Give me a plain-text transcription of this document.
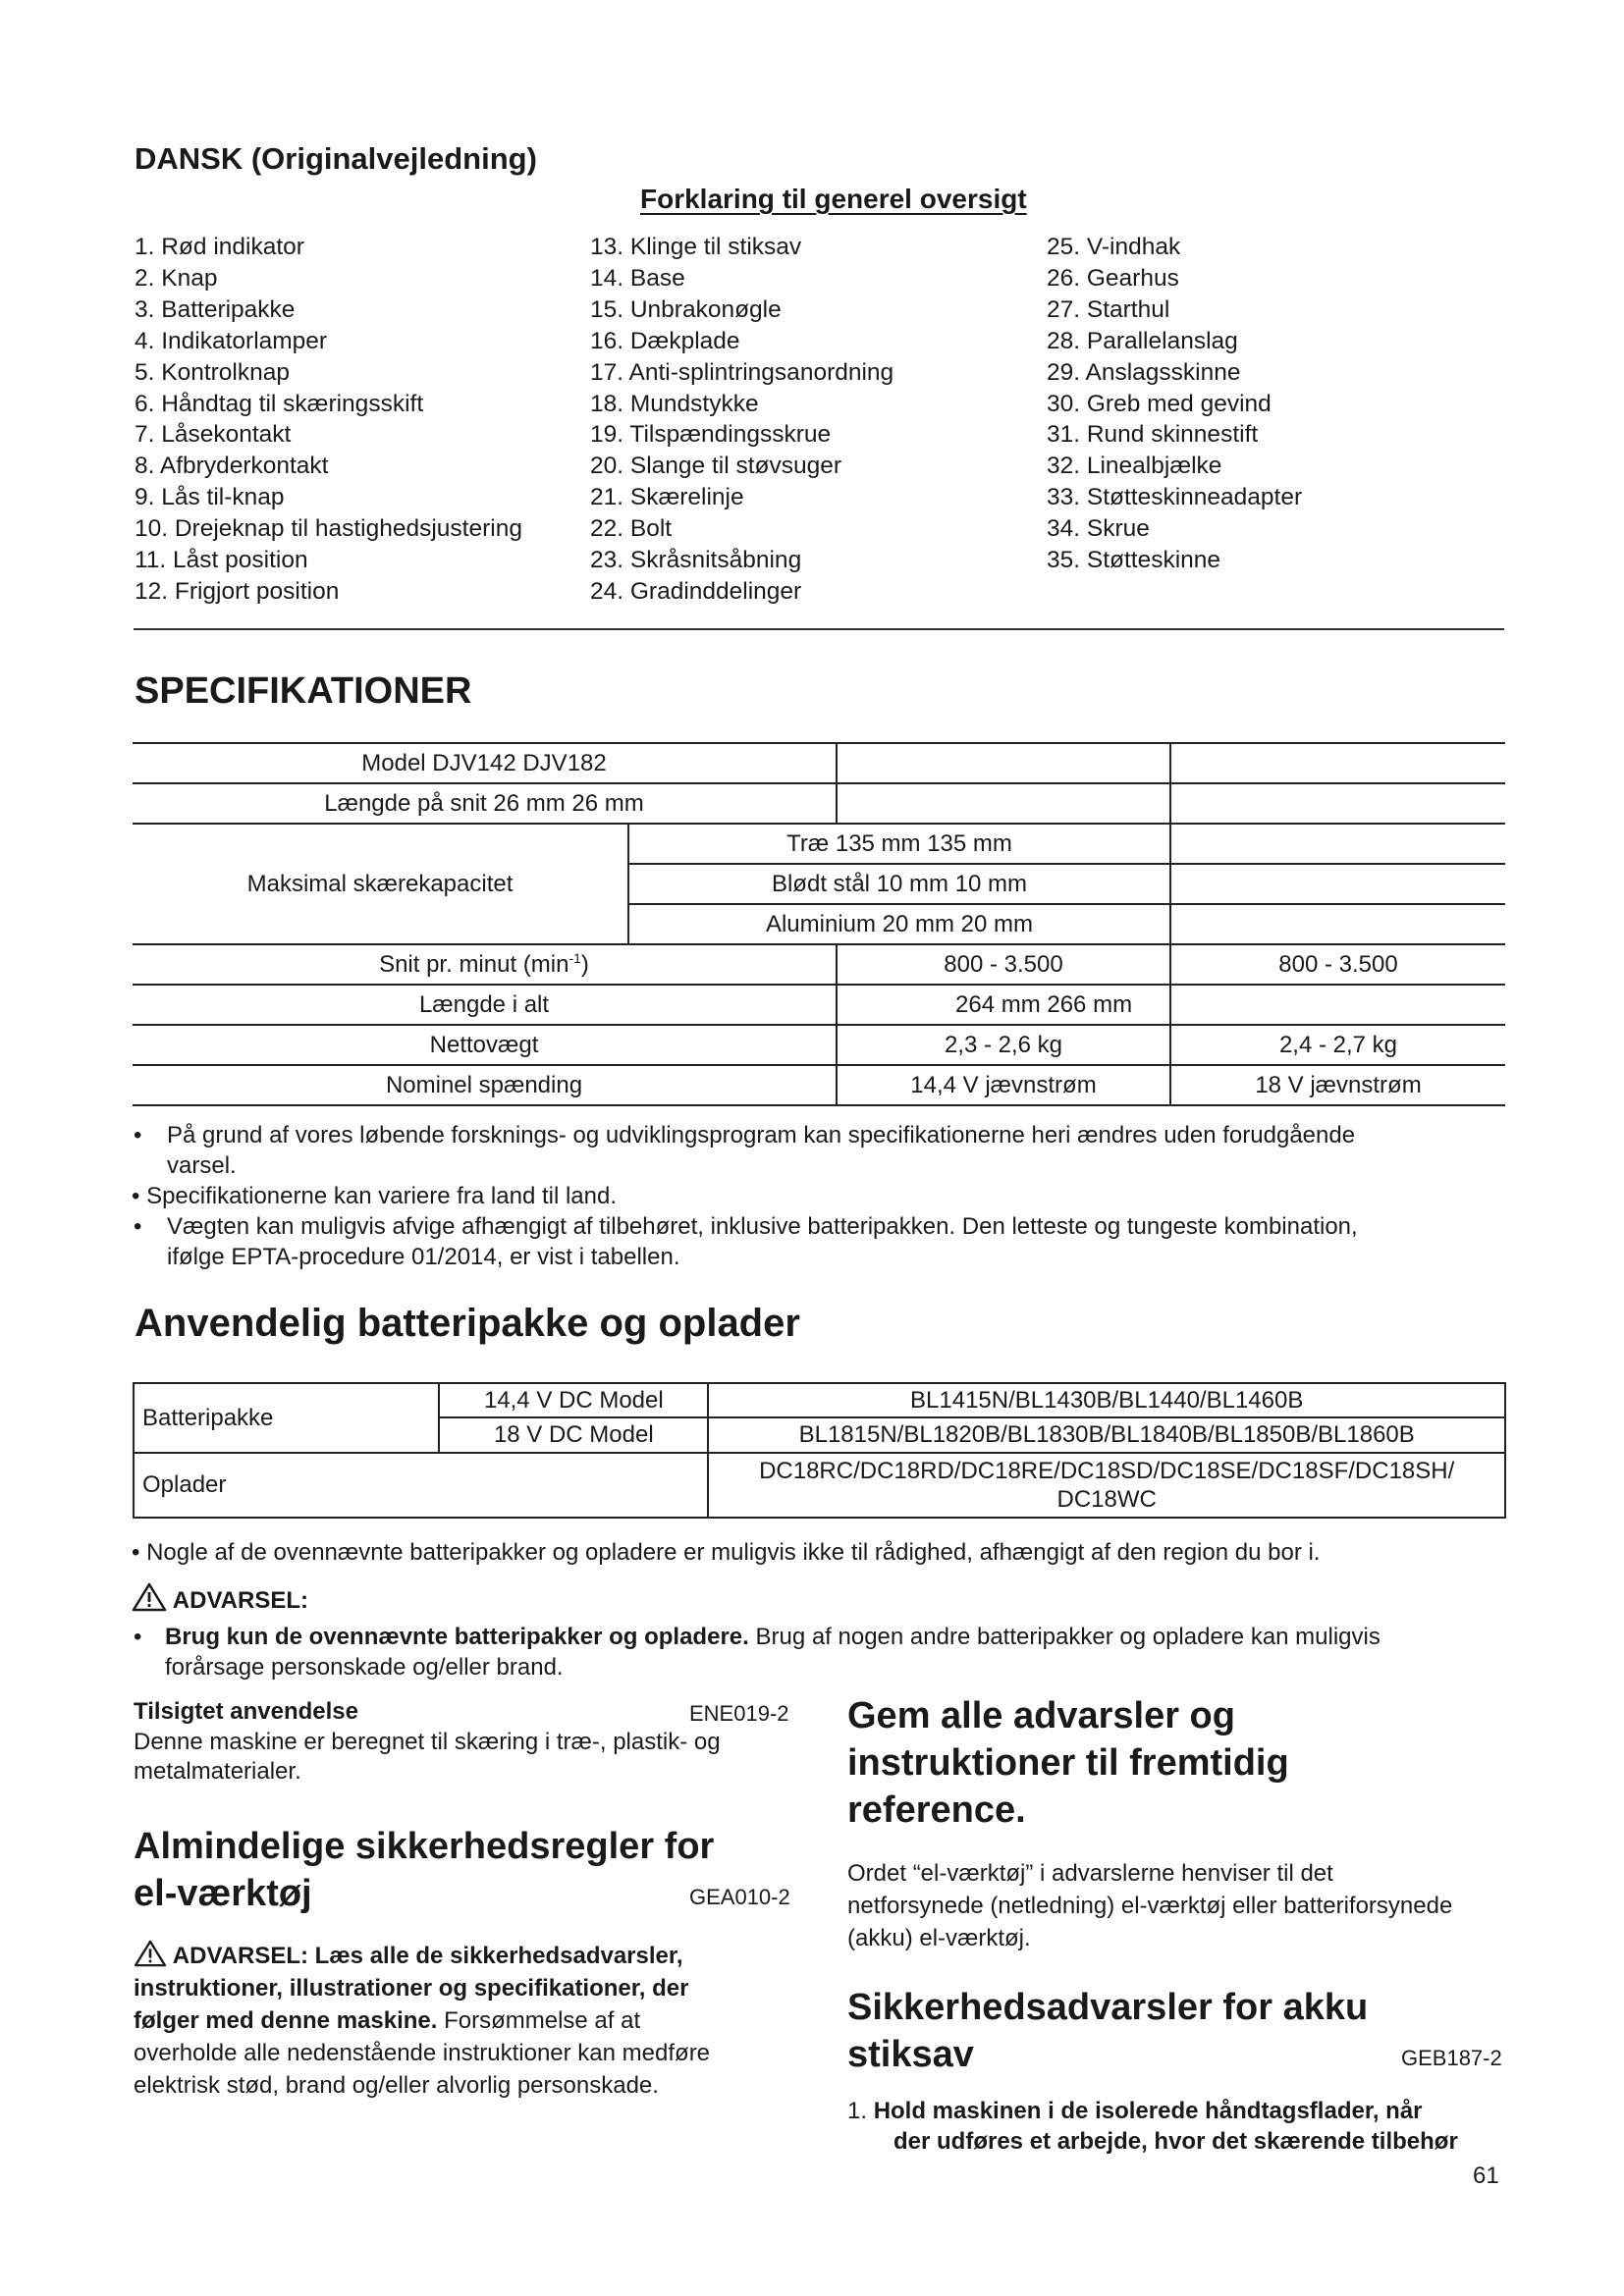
DANSK (Originalvejledning)
Forklaring til generel oversigt
1. Rød indikator
2. Knap
3. Batteripakke
4. Indikatorlamper
5. Kontrolknap
6. Håndtag til skæringsskift
7. Låsekontakt
8. Afbryderkontakt
9. Lås til-knap
10. Drejeknap til hastighedsjustering
11. Låst position
12. Frigjort position
13. Klinge til stiksav
14. Base
15. Unbrakonøgle
16. Dækplade
17. Anti-splintringsanordning
18. Mundstykke
19. Tilspændingsskrue
20. Slange til støvsuger
21. Skærelinje
22. Bolt
23. Skråsnitsåbning
24. Gradinddelinger
25. V-indhak
26. Gearhus
27. Starthul
28. Parallelanslag
29. Anslagsskinne
30. Greb med gevind
31. Rund skinnestift
32. Linealbjælke
33. Støtteskinneadapter
34. Skrue
35. Støtteskinne
SPECIFIKATIONER
Model DJV142 DJV182			
Længde på snit 26 mm 26 mm			
Maksimal skærekapacitet	Træ 135 mm 135 mm		
	Blødt stål 10 mm 10 mm		
	Aluminium 20 mm 20 mm		
Snit pr. minut $(\min^{-1})$		800 - 3.500	800 - 3.500
Længde i alt		264 mm 266 mm	
Nettovægt		2,3 - 2,6 kg	2,4 - 2,7 kg
Nominel spænding		14,4 V jævnstrøm	18 V jævnstrøm
• På grund af vores løbende forsknings- og udviklingsprogram kan specifikationerne heri ændres uden forudgående
varsel.
• Specifikationerne kan variere fra land til land.
• Vægten kan muligvis afvige afhængigt af tilbehøret, inklusive batteripakken. Den letteste og tungeste kombination,
ifølge EPTA-procedure 01/2014, er vist i tabellen.
Anvendelig batteripakke og oplader
Batteripakke	14,4 V DC Model	BL1415N/BL1430B/BL1440/BL1460B
	18 V DC Model	BL1815N/BL1820B/BL1830B/BL1840B/BL1850B/BL1860B
Oplader		DC18RC/DC18RD/DC18RE/DC18SD/DC18SE/DC18SF/DC18SH/
DC18WC
• Nogle af de ovennævnte batteripakker og opladere er muligvis ikke til rådighed, afhængigt af den region du bor i.
ADVARSEL:
• Brug kun de ovennævnte batteripakker og opladere. Brug af nogen andre batteripakker og opladere kan muligvis
forårsage personskade og/eller brand.
Tilsigtet anvendelse	ENE019-2
Denne maskine er beregnet til skæring i træ-, plastik- og
metalmaterialer.
Almindelige sikkerhedsregler for
el-værktøj	GEA010-2
ADVARSEL: Læs alle de sikkerhedsadvarsler,
instruktioner, illustrationer og specifikationer, der
følger med denne maskine. Forsømmelse af at
overholde alle nedenstående instruktioner kan medføre
elektrisk stød, brand og/eller alvorlig personskade.
Gem alle advarsler og
instruktioner til fremtidig
reference.
Ordet “el-værktøj” i advarslerne henviser til det
netforsynede (netledning) el-værktøj eller batteriforsynede
(akku) el-værktøj.
Sikkerhedsadvarsler for akku
stiksav	GEB187-2
1. Hold maskinen i de isolerede håndtagsflader, når
der udføres et arbejde, hvor det skærende tilbehør
61
